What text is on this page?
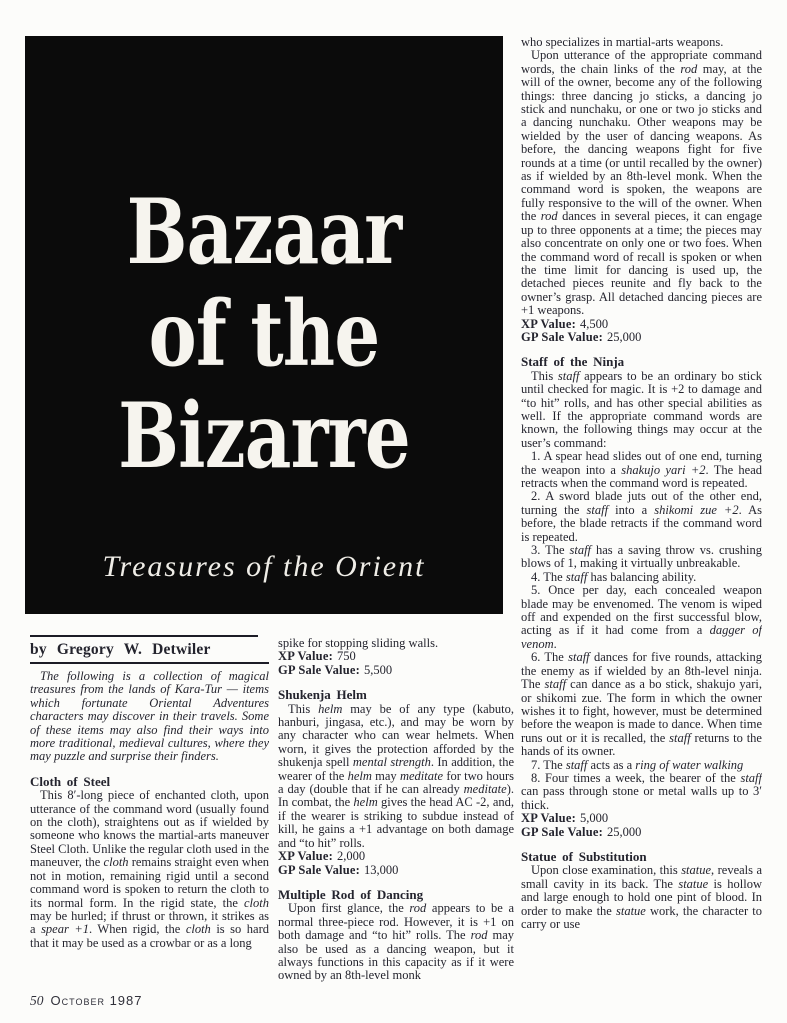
Bazaar
of the
Bizarre
Treasures of the Orient
by Gregory W. Detwiler

The following is a collection of magical treasures from the lands of Kara-Tur — items which fortunate Oriental Adventures characters may discover in their travels. Some of these items may also find their ways into more traditional, medieval cultures, where they may puzzle and surprise their finders.

Cloth of Steel

This 8′-long piece of enchanted cloth, upon utterance of the command word (usually found on the cloth), straightens out as if wielded by someone who knows the martial-arts maneuver Steel Cloth. Unlike the regular cloth used in the maneuver, the cloth remains straight even when not in motion, remaining rigid until a second command word is spoken to return the cloth to its normal form. In the rigid state, the cloth may be hurled; if thrust or thrown, it strikes as a spear +1. When rigid, the cloth is so hard that it may be used as a crowbar or as a long

spike for stopping sliding walls.

XP Value: 750

GP Sale Value: 5,500

Shukenja Helm

This helm may be of any type (kabuto, hanburi, jingasa, etc.), and may be worn by any character who can wear helmets. When worn, it gives the protection afforded by the shukenja spell mental strength. In addition, the wearer of the helm may meditate for two hours a day (double that if he can already meditate). In combat, the helm gives the head AC -2, and, if the wearer is striking to subdue instead of kill, he gains a +1 advantage on both damage and “to hit” rolls.

XP Value: 2,000

GP Sale Value: 13,000

Multiple Rod of Dancing

Upon first glance, the rod appears to be a normal three-piece rod. However, it is +1 on both damage and “to hit” rolls. The rod may also be used as a dancing weapon, but it always functions in this capacity as if it were owned by an 8th-level monk

who specializes in martial-arts weapons.

Upon utterance of the appropriate command words, the chain links of the rod may, at the will of the owner, become any of the following things: three dancing jo sticks, a dancing jo stick and nunchaku, or one or two jo sticks and a dancing nunchaku. Other weapons may be wielded by the user of dancing weapons. As before, the dancing weapons fight for five rounds at a time (or until recalled by the owner) as if wielded by an 8th-level monk. When the command word is spoken, the weapons are fully responsive to the will of the owner. When the rod dances in several pieces, it can engage up to three opponents at a time; the pieces may also concentrate on only one or two foes. When the command word of recall is spoken or when the time limit for dancing is used up, the detached pieces reunite and fly back to the owner’s grasp. All detached dancing pieces are +1 weapons.

XP Value: 4,500

GP Sale Value: 25,000

Staff of the Ninja

This staff appears to be an ordinary bo stick until checked for magic. It is +2 to damage and “to hit” rolls, and has other special abilities as well. If the appropriate command words are known, the following things may occur at the user’s command:

1. A spear head slides out of one end, turning the weapon into a shakujo yari +2. The head retracts when the command word is repeated.

2. A sword blade juts out of the other end, turning the staff into a shikomi zue +2. As before, the blade retracts if the command word is repeated.

3. The staff has a saving throw vs. crushing blows of 1, making it virtually unbreakable.

4. The staff has balancing ability.

5. Once per day, each concealed weapon blade may be envenomed. The venom is wiped off and expended on the first successful blow, acting as if it had come from a dagger of venom.

6. The staff dances for five rounds, attacking the enemy as if wielded by an 8th-level ninja. The staff can dance as a bo stick, shakujo yari, or shikomi zue. The form in which the owner wishes it to fight, however, must be determined before the weapon is made to dance. When time runs out or it is recalled, the staff returns to the hands of its owner.

7. The staff acts as a ring of water walking

8. Four times a week, the bearer of the staff can pass through stone or metal walls up to 3′ thick.

XP Value: 5,000

GP Sale Value: 25,000

Statue of Substitution

Upon close examination, this statue, reveals a small cavity in its back. The statue is hollow and large enough to hold one pint of blood. In order to make the statue work, the character to carry or use

50 October 1987
